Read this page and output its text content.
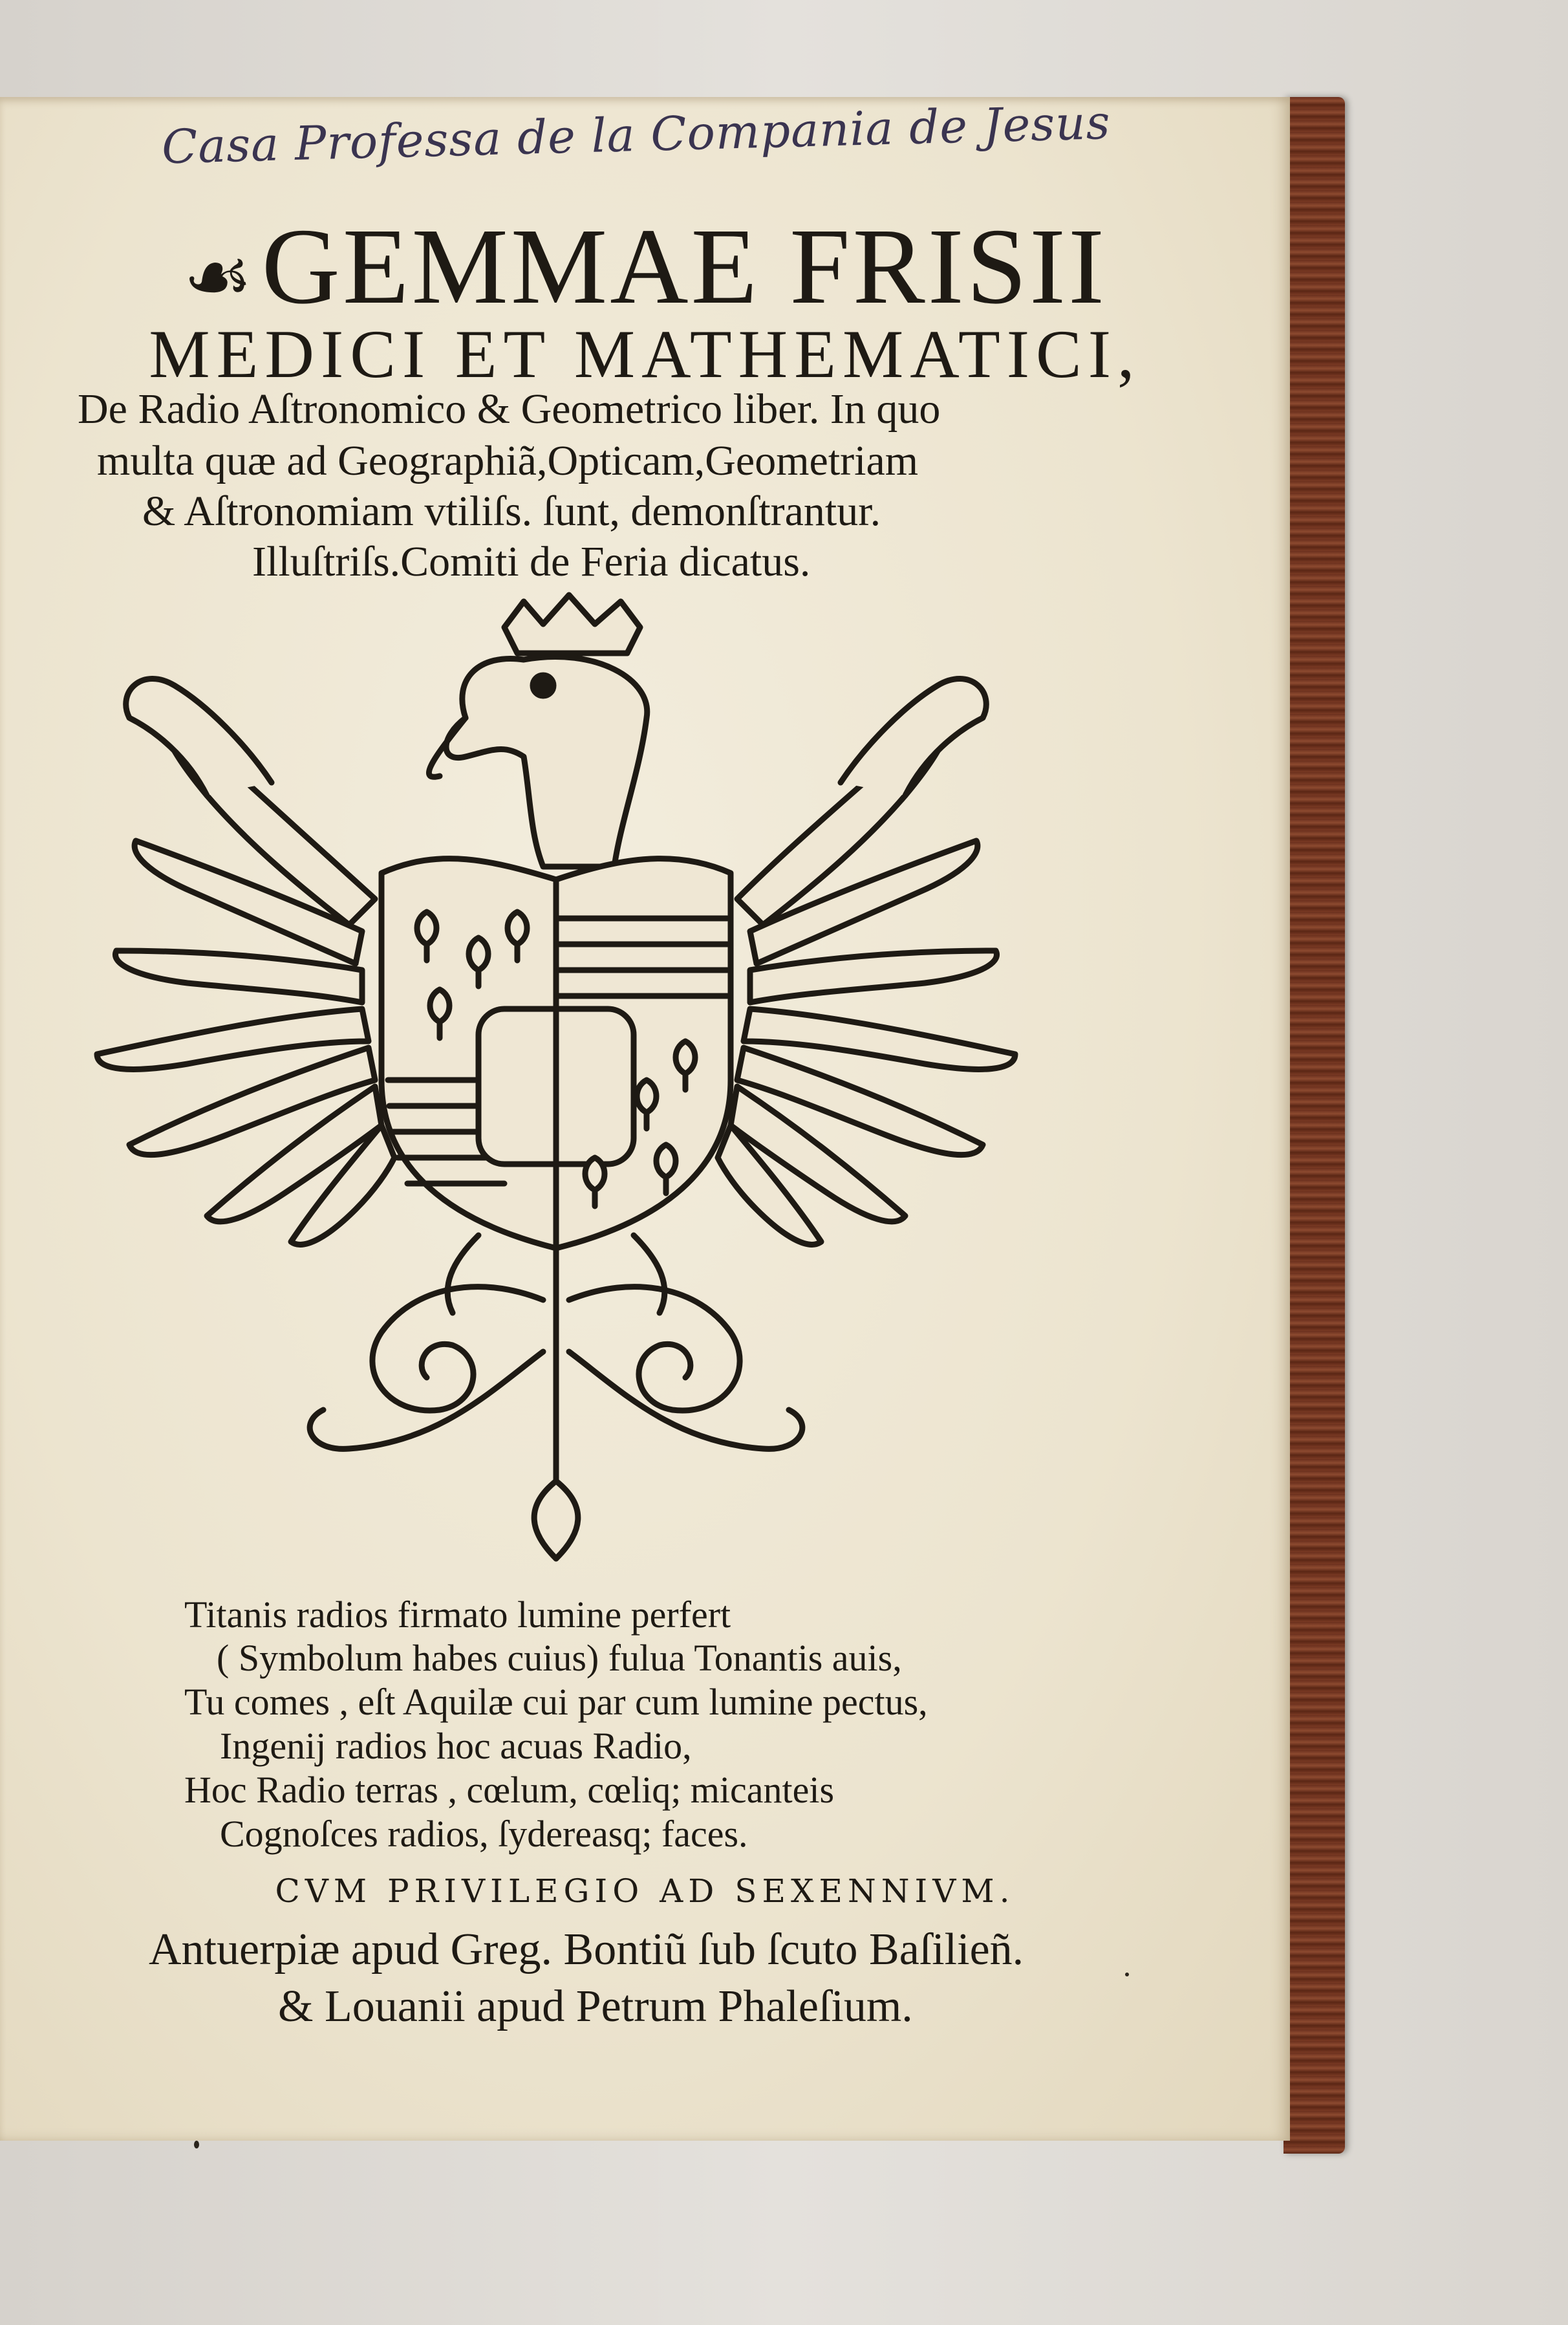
Casa Professa de la Compania de Jesus
☙GEMMAE FRISII
MEDICI ET MATHEMATICI,
De Radio Aſtronomico & Geometrico liber. In quo
multa quæ ad Geographiã,Opticam,Geometriam
& Aſtronomiam vtiliſs. ſunt, demonſtrantur.
Illuſtriſs.Comiti de Feria dicatus.
Titanis radios firmato lumine perfert
( Symbolum habes cuius) fulua Tonantis auis,
Tu comes , eſt Aquilæ cui par cum lumine pectus,
Ingenij radios hoc acuas Radio,
Hoc Radio terras , cœlum, cœliq; micanteis
Cognoſces radios, ſydereasq; faces.
CVM PRIVILEGIO AD SEXENNIVM.
Antuerpiæ apud Greg. Bontiũ ſub ſcuto Baſilieñ.
& Louanii apud Petrum Phaleſium.
